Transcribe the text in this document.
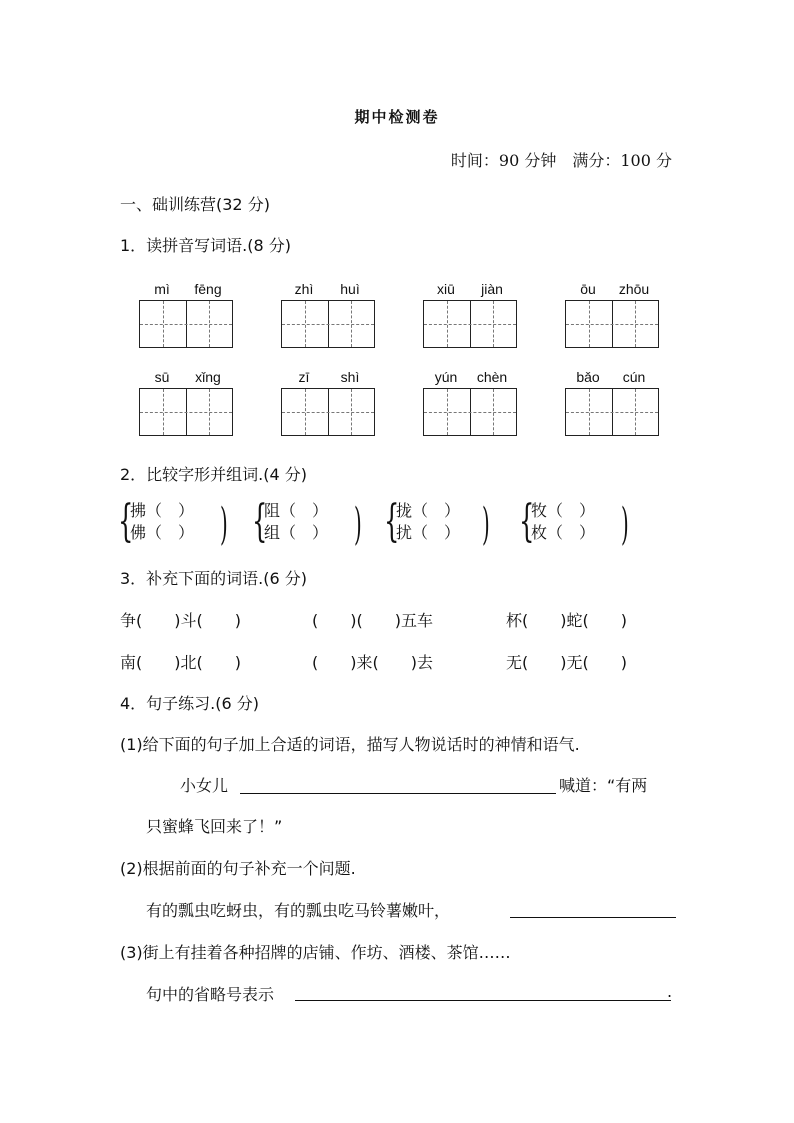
期中检测卷
时间：90 分钟　满分：100 分
一、础训练营(32 分)
1．读拼音写词语.(8 分)
mì	fēng	zhì	huì	xiū	jiàn	ōu	zhōu
sū	xǐng	zī	shì	yún	chèn	bǎo	cún
2．比较字形并组词.(4 分)
{
拂（　）
佛（　） ) {
阻（　）
组（　） ) {
拢（　）
扰（　） ) {
牧（　）
枚（　） )
3．补充下面的词语.(6 分)
争(　　)斗(　　)	(　　)(　　)五车	杯(　　)蛇(　　)
南(　　)北(　　)	(　　)来(　　)去	无(　　)无(　　)
4．句子练习.(6 分)
(1)给下面的句子加上合适的词语，描写人物说话时的神情和语气.
小女儿	喊道：“有两
只蜜蜂飞回来了！”
(2)根据前面的句子补充一个问题.
有的瓢虫吃蚜虫，有的瓢虫吃马铃薯嫩叶，
(3)街上有挂着各种招牌的店铺、作坊、酒楼、茶馆……
句中的省略号表示	.
